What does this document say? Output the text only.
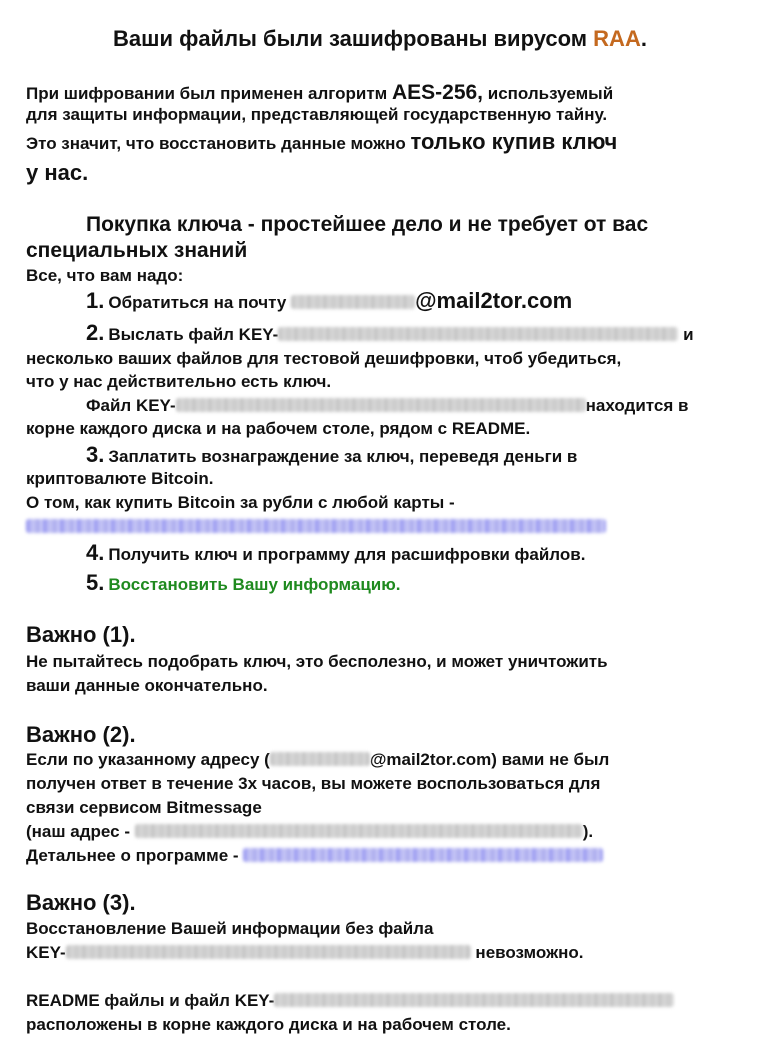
Ваши файлы были зашифрованы вирусом RAA.
При шифровании был применен алгоритм AES-256, используемый
для защиты информации, представляющей государственную тайну.
Это значит, что восстановить данные можно только купив ключ
у нас.
Покупка ключа - простейшее дело и не требует от вас
специальных знаний
Все, что вам надо:
1. Обратиться на почту	@mail2tor.com
2. Выслать файл KEY-	и
несколько ваших файлов для тестовой дешифровки, чтоб убедиться,
что у нас действительно есть ключ.
Файл KEY-	находится в
корне каждого диска и на рабочем столе, рядом с README.
3. Заплатить вознаграждение за ключ, переведя деньги в
криптовалюте Bitcoin.
О том, как купить Bitcoin за рубли с любой карты -
4. Получить ключ и программу для расшифровки файлов.
5. Восстановить Вашу информацию.
Важно (1).
Не пытайтесь подобрать ключ, это бесполезно, и может уничтожить
ваши данные окончательно.
Важно (2).
Если по указанному адресу (	@mail2tor.com) вами не был
получен ответ в течение 3х часов, вы можете воспользоваться для
связи сервисом Bitmessage
(наш адрес -	).
Детальнее о программе -
Важно (3).
Восстановление Вашей информации без файла
KEY-	невозможно.
README файлы и файл KEY-
расположены в корне каждого диска и на рабочем столе.
